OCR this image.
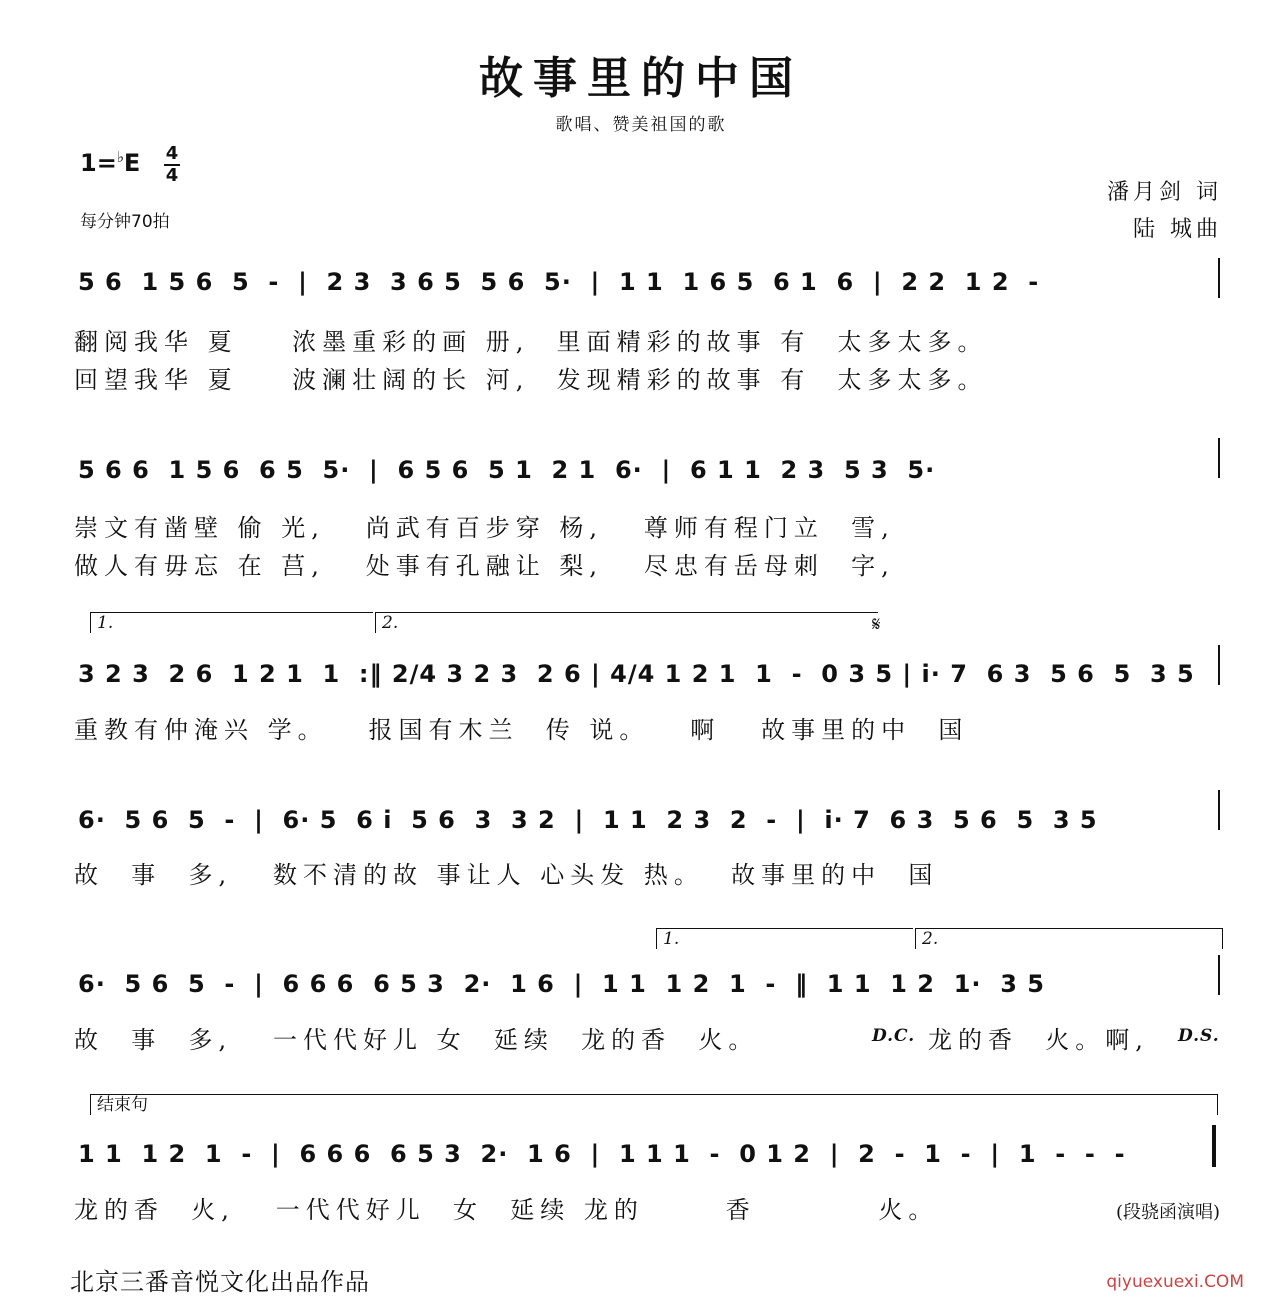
故事里的中国
歌唱、赞美祖国的歌
1=♭E 4
4
每分钟70拍
潘月剑 词
陆 城曲
5 6  1 5 6  5  -  |  2 3  3 6 5  5 6  5·  |  1 1  1 6 5  6 1  6  |  2 2  1 2  -
翻阅我华 夏    浓墨重彩的画 册,  里面精彩的故事 有  太多太多。
回望我华 夏    波澜壮阔的长 河,  发现精彩的故事 有  太多太多。
5 6 6  1 5 6  6 5  5·  |  6 5 6  5 1  2 1  6·  |  6 1 1  2 3  5 3  5·
崇文有凿壁 偷 光,   尚武有百步穿 杨,   尊师有程门立  雪,
做人有毋忘 在 莒,   处事有孔融让 梨,   尽忠有岳母刺  字,
1.	2.	𝄋
3 2 3  2 6  1 2 1  1  :‖ 2/4 3 2 3  2 6 | 4/4 1 2 1  1  -  0 3 5 | i· 7  6 3  5 6  5  3 5
重教有仲淹兴 学。   报国有木兰  传 说。   啊   故事里的中  国
6·  5 6  5  -  |  6· 5  6 i  5 6  3  3 2  |  1 1  2 3  2  -  |  i· 7  6 3  5 6  5  3 5
故  事  多,   数不清的故 事让人 心头发 热。  故事里的中  国
1.	2.
6·  5 6  5  -  |  6 6 6  6 5 3  2·  1 6  |  1 1  1 2  1  -  ‖  1 1  1 2  1·  3 5
故  事  多,   一代代好儿 女  延续  龙的香  火。	D.C. 龙的香  火。啊,	D.S.
结束句
1 1  1 2  1  -  |  6 6 6  6 5 3  2·  1 6  |  1 1 1  -  0 1 2  |  2  -  1  -  |  1  -  -  -
龙的香  火,   一代代好儿  女  延续 龙的      香         火。	(段骁函演唱)
北京三番音悦文化出品作品	qiyuexuexi.COM
